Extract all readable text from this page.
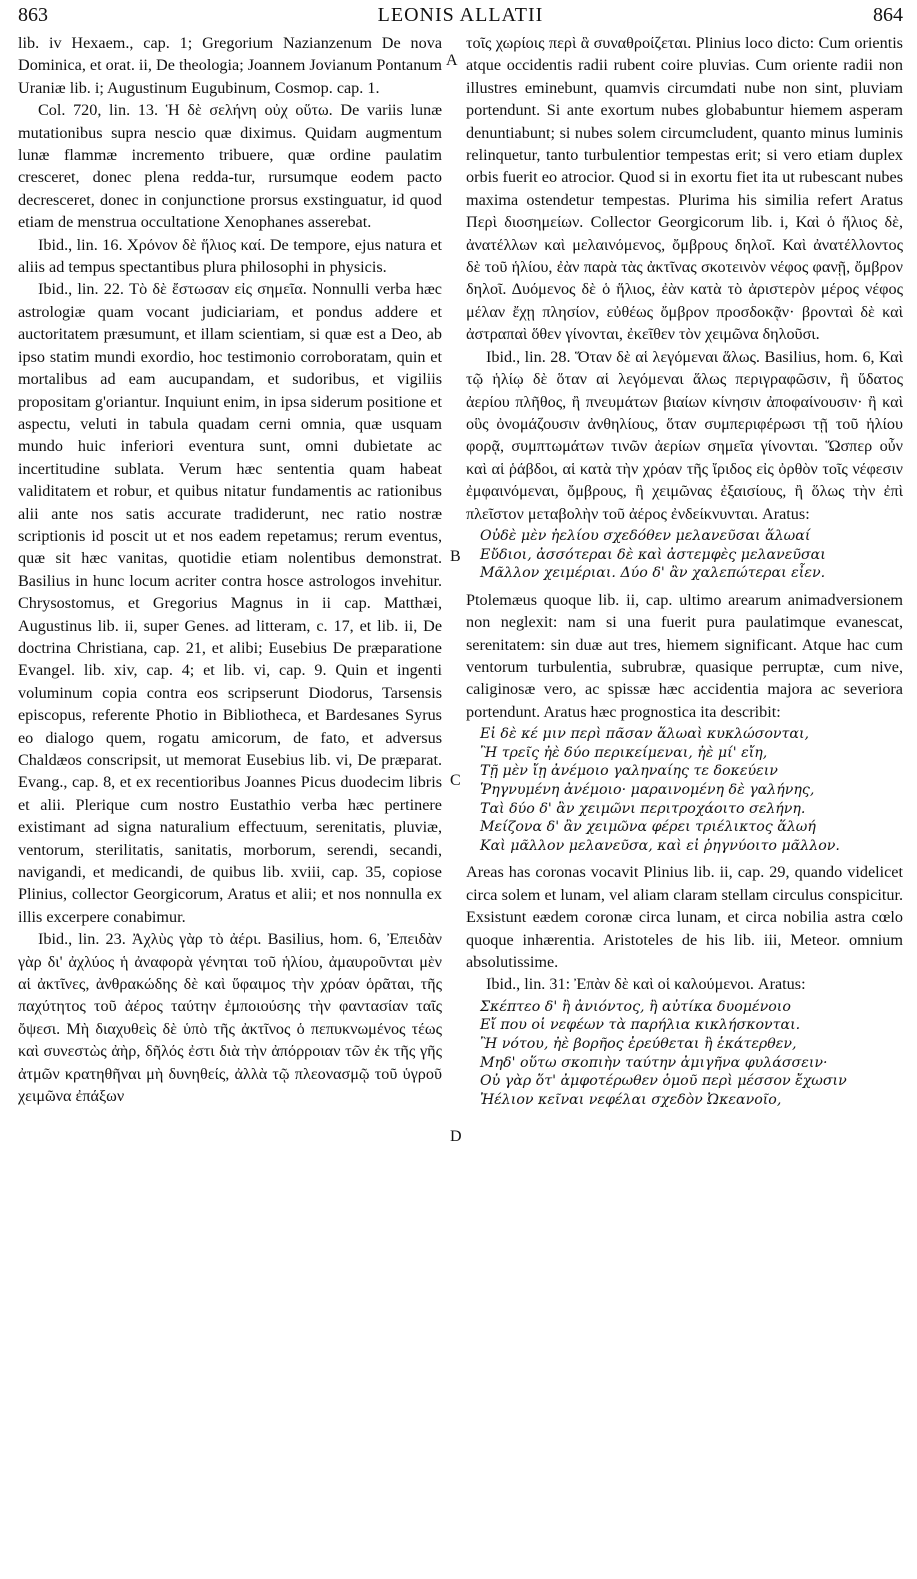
863	LEONIS ALLATII	864
A
B
C
D

lib. iv Hexaem., cap. 1; Gregorium Nazianzenum De nova Dominica, et orat. ii, De theologia; Joannem Jovianum Pontanum Uraniæ lib. i; Augustinum Eugubinum, Cosmop. cap. 1.

Col. 720, lin. 13. Ἡ δὲ σελήνη οὐχ οὕτω. De variis lunæ mutationibus supra nescio quæ diximus. Quidam augmentum lunæ flammæ incremento tribuere, quæ ordine paulatim cresceret, donec plena redda-tur, rursumque eodem pacto decresceret, donec in conjunctione prorsus exstinguatur, id quod etiam de menstrua occultatione Xenophanes asserebat.

Ibid., lin. 16. Χρόνον δὲ ἥλιος καί. De tempore, ejus natura et aliis ad tempus spectantibus plura philosophi in physicis.

Ibid., lin. 22. Τὸ δὲ ἔστωσαν εἰς σημεῖα. Nonnulli verba hæc astrologiæ quam vocant judiciariam, et pondus addere et auctoritatem præsumunt, et illam scientiam, si quæ est a Deo, ab ipso statim mundi exordio, hoc testimonio corroboratam, quin et mortalibus ad eam aucupandam, et sudoribus, et vigiliis propositam g'oriantur. Inquiunt enim, in ipsa siderum positione et aspectu, veluti in tabula quadam cerni omnia, quæ usquam mundo huic inferiori eventura sunt, omni dubietate ac incertitudine sublata. Verum hæc sententia quam habeat validitatem et robur, et quibus nitatur fundamentis ac rationibus alii ante nos satis accurate tradiderunt, nec ratio nostræ scriptionis id poscit ut et nos eadem repetamus; rerum eventus, quæ sit hæc vanitas, quotidie etiam nolentibus demonstrat. Basilius in hunc locum acriter contra hosce astrologos invehitur. Chrysostomus, et Gregorius Magnus in ii cap. Matthæi, Augustinus lib. ii, super Genes. ad litteram, c. 17, et lib. ii, De doctrina Christiana, cap. 21, et alibi; Eusebius De præparatione Evangel. lib. xiv, cap. 4; et lib. vi, cap. 9. Quin et ingenti voluminum copia contra eos scripserunt Diodorus, Tarsensis episcopus, referente Photio in Bibliotheca, et Bardesanes Syrus eo dialogo quem, rogatu amicorum, de fato, et adversus Chaldæos conscripsit, ut memorat Eusebius lib. vi, De præparat. Evang., cap. 8, et ex recentioribus Joannes Picus duodecim libris et alii. Plerique cum nostro Eustathio verba hæc pertinere existimant ad signa naturalium effectuum, serenitatis, pluviæ, ventorum, sterilitatis, sanitatis, morborum, serendi, secandi, navigandi, et medicandi, de quibus lib. xviii, cap. 35, copiose Plinius, collector Georgicorum, Aratus et alii; et nos nonnulla ex illis excerpere conabimur.

Ibid., lin. 23. Ἀχλὺς γὰρ τὸ ἀέρι. Basilius, hom. 6, Ἐπειδὰν γὰρ δι' ἀχλύος ἡ ἀναφορὰ γένηται τοῦ ἡλίου, ἀμαυροῦνται μὲν αἱ ἀκτῖνες, ἀνθρακώδης δὲ καὶ ὕφαιμος τὴν χρόαν ὁρᾶται, τῆς παχύτητος τοῦ ἀέρος ταύτην ἐμποιούσης τὴν φαντασίαν ταῖς ὄψεσι. Μὴ διαχυθεὶς δὲ ὑπὸ τῆς ἀκτῖνος ὁ πεπυκνωμένος τέως καὶ συνεστὼς ἀὴρ, δῆλός ἐστι διὰ τὴν ἀπόρροιαν τῶν ἐκ τῆς γῆς ἀτμῶν κρατηθῆναι μὴ δυνηθείς, ἀλλὰ τῷ πλεονασμῷ τοῦ ὑγροῦ χειμῶνα ἐπάξων

τοῖς χωρίοις περὶ ἃ συναθροίζεται. Plinius loco dicto: Cum orientis atque occidentis radii rubent coire pluvias. Cum oriente radii non illustres eminebunt, quamvis circumdati nube non sint, pluviam portendunt. Si ante exortum nubes globabuntur hiemem asperam denuntiabunt; si nubes solem circumcludent, quanto minus luminis relinquetur, tanto turbulentior tempestas erit; si vero etiam duplex orbis fuerit eo atrocior. Quod si in exortu fiet ita ut rubescant nubes maxima ostendetur tempestas. Plurima his similia refert Aratus Περὶ διοσημείων. Collector Georgicorum lib. i, Καὶ ὁ ἥλιος δὲ, ἀνατέλλων καὶ μελαινόμενος, ὄμβρους δηλοῖ. Καὶ ἀνατέλλοντος δὲ τοῦ ἡλίου, ἐὰν παρὰ τὰς ἀκτῖνας σκοτεινὸν νέφος φανῇ, ὄμβρον δηλοῖ. Δυόμενος δὲ ὁ ἥλιος, ἐὰν κατὰ τὸ ἀριστερὸν μέρος νέφος μέλαν ἔχῃ πλησίον, εὐθέως ὄμβρον προσδοκᾷν· βρονταὶ δὲ καὶ ἀστραπαὶ ὅθεν γίνονται, ἐκεῖθεν τὸν χειμῶνα δηλοῦσι.

Ibid., lin. 28. Ὅταν δὲ αἱ λεγόμεναι ἅλως. Basilius, hom. 6, Καὶ τῷ ἡλίῳ δὲ ὅταν αἱ λεγόμεναι ἅλως περιγραφῶσιν, ἢ ὕδατος ἀερίου πλῆθος, ἢ πνευμάτων βιαίων κίνησιν ἀποφαίνουσιν· ἢ καὶ οὓς ὀνομάζουσιν ἀνθηλίους, ὅταν συμπεριφέρωσι τῇ τοῦ ἡλίου φορᾷ, συμπτωμάτων τινῶν ἀερίων σημεῖα γίνονται. Ὥσπερ οὖν καὶ αἱ ῥάβδοι, αἱ κατὰ τὴν χρόαν τῆς ἴριδος εἰς ὀρθὸν τοῖς νέφεσιν ἐμφαινόμεναι, ὄμβρους, ἢ χειμῶνας ἐξαισίους, ἢ ὅλως τὴν ἐπὶ πλεῖστον μεταβολὴν τοῦ ἀέρος ἐνδείκνυνται. Aratus:

Οὐδὲ μὲν ἠελίου σχεδόθεν μελανεῦσαι ἅλωαί
Εὔδιοι, ἀσσότεραι δὲ καὶ ἀστεμφὲς μελανεῦσαι
Μᾶλλον χειμέριαι. Δύο δ' ἂν χαλεπώτεραι εἶεν.

Ptolemæus quoque lib. ii, cap. ultimo arearum animadversionem non neglexit: nam si una fuerit pura paulatimque evanescat, serenitatem: sin duæ aut tres, hiemem significant. Atque hac cum ventorum turbulentia, subrubræ, quasique perruptæ, cum nive, caliginosæ vero, ac spissæ hæc accidentia majora ac severiora portendunt. Aratus hæc prognostica ita describit:

Εἰ δὲ κέ μιν περὶ πᾶσαν ἅλωαὶ κυκλώσονται,
Ἢ τρεῖς ἠὲ δύο περικείμεναι, ἠὲ μί' εἴη,
Τῇ μὲν ἴῃ ἀνέμοιο γαληναίης τε δοκεύειν
Ῥηγνυμένη ἀνέμοιο· μαραινομένη δὲ γαλήνης,
Ταὶ δύο δ' ἂν χειμῶνι περιτροχάοιτο σελήνη.
Μείζονα δ' ἂν χειμῶνα φέρει τριέλικτος ἅλωή
Καὶ μᾶλλον μελανεῦσα, καὶ εἰ ῥηγνύοιτο μᾶλλον.

Areas has coronas vocavit Plinius lib. ii, cap. 29, quando videlicet circa solem et lunam, vel aliam claram stellam circulus conspicitur. Exsistunt eædem coronæ circa lunam, et circa nobilia astra cœlo quoque inhærentia. Aristoteles de his lib. iii, Meteor. omnium absolutissime.

Ibid., lin. 31: Ἐπὰν δὲ καὶ οἱ καλούμενοι. Aratus:

Σκέπτεο δ' ἢ ἀνιόντος, ἢ αὐτίκα δυομένοιο
Εἴ που οἱ νεφέων τὰ παρήλια κικλήσκονται.
Ἢ νότου, ἠὲ βορῆος ἐρεύθεται ἢ ἑκάτερθεν,
Μηδ' οὕτω σκοπιὴν ταύτην ἀμιγῆνα φυλάσσειν·
Οὐ γὰρ ὅτ' ἀμφοτέρωθεν ὁμοῦ περὶ μέσσον ἔχωσιν
Ἠέλιον κεῖναι νεφέλαι σχεδὸν Ὠκεανοῖο,
